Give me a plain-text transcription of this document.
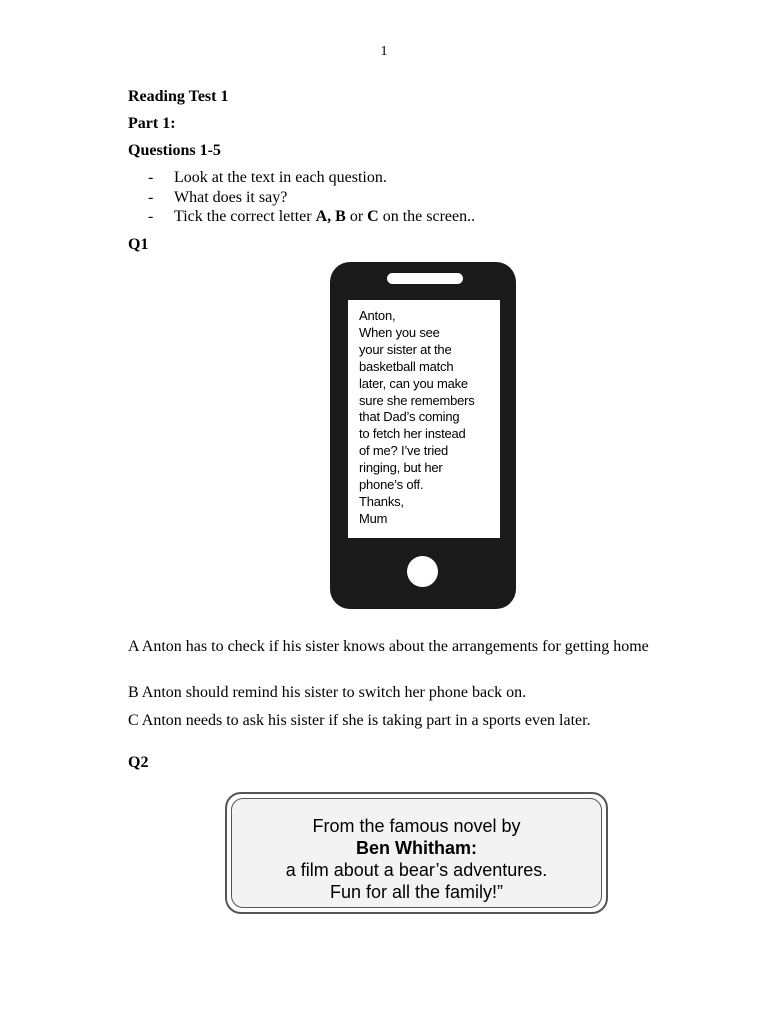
1
Reading Test 1
Part 1:
Questions 1-5
- Look at the text in each question.
- What does it say?
- Tick the correct letter A, B or C on the screen..
Q1
Anton,
When you see
your sister at the
basketball match
later, can you make
sure she remembers
that Dad’s coming
to fetch her instead
of me? I’ve tried
ringing, but her
phone’s off.
Thanks,
Mum
A Anton has to check if his sister knows about the arrangements for getting home
B Anton should remind his sister to switch her phone back on.
C Anton needs to ask his sister if she is taking part in a sports even later.
Q2
From the famous novel by
Ben Whitham:
a film about a bear’s adventures.
Fun for all the family!”
